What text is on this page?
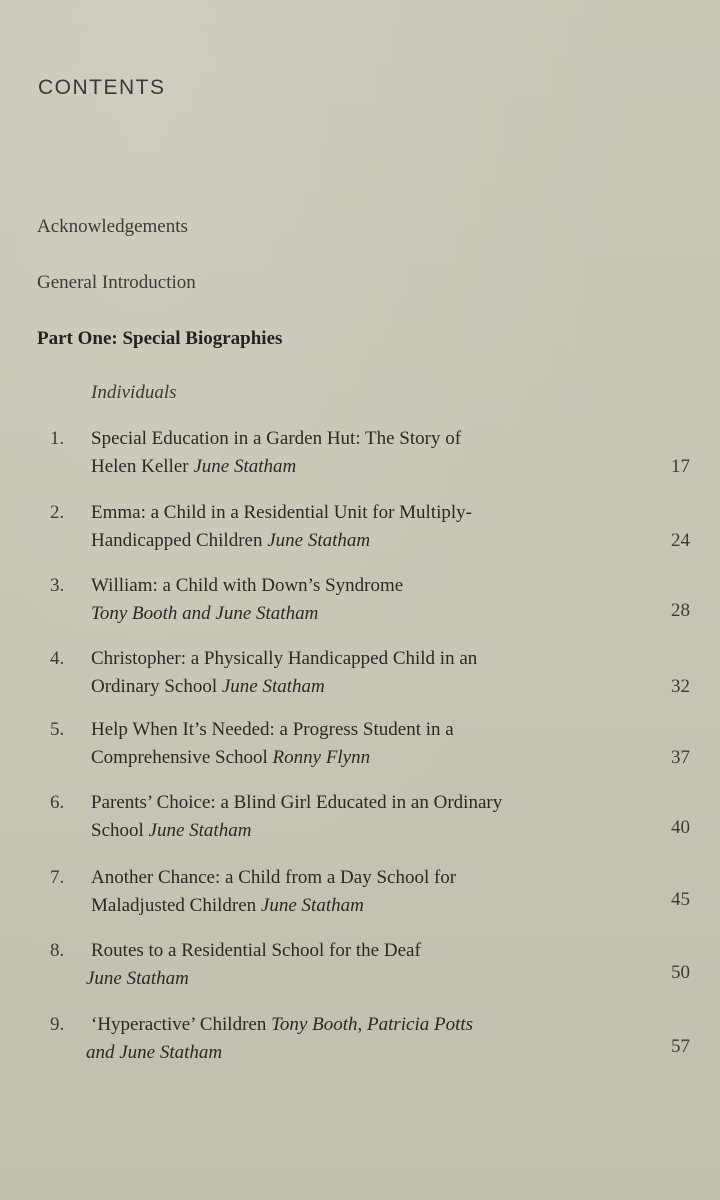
CONTENTS
Acknowledgements
General Introduction
Part One: Special Biographies
Individuals
1. Special Education in a Garden Hut: The Story of
Helen Keller June Statham	17
2. Emma: a Child in a Residential Unit for Multiply-
Handicapped Children June Statham	24
3. William: a Child with Down’s Syndrome
Tony Booth and June Statham	28
4. Christopher: a Physically Handicapped Child in an
Ordinary School June Statham	32
5. Help When It’s Needed: a Progress Student in a
Comprehensive School Ronny Flynn	37
6. Parents’ Choice: a Blind Girl Educated in an Ordinary
School June Statham	40
7. Another Chance: a Child from a Day School for
Maladjusted Children June Statham	45
8. Routes to a Residential School for the Deaf
June Statham	50
9. ‘Hyperactive’ Children Tony Booth, Patricia Potts
and June Statham	57
